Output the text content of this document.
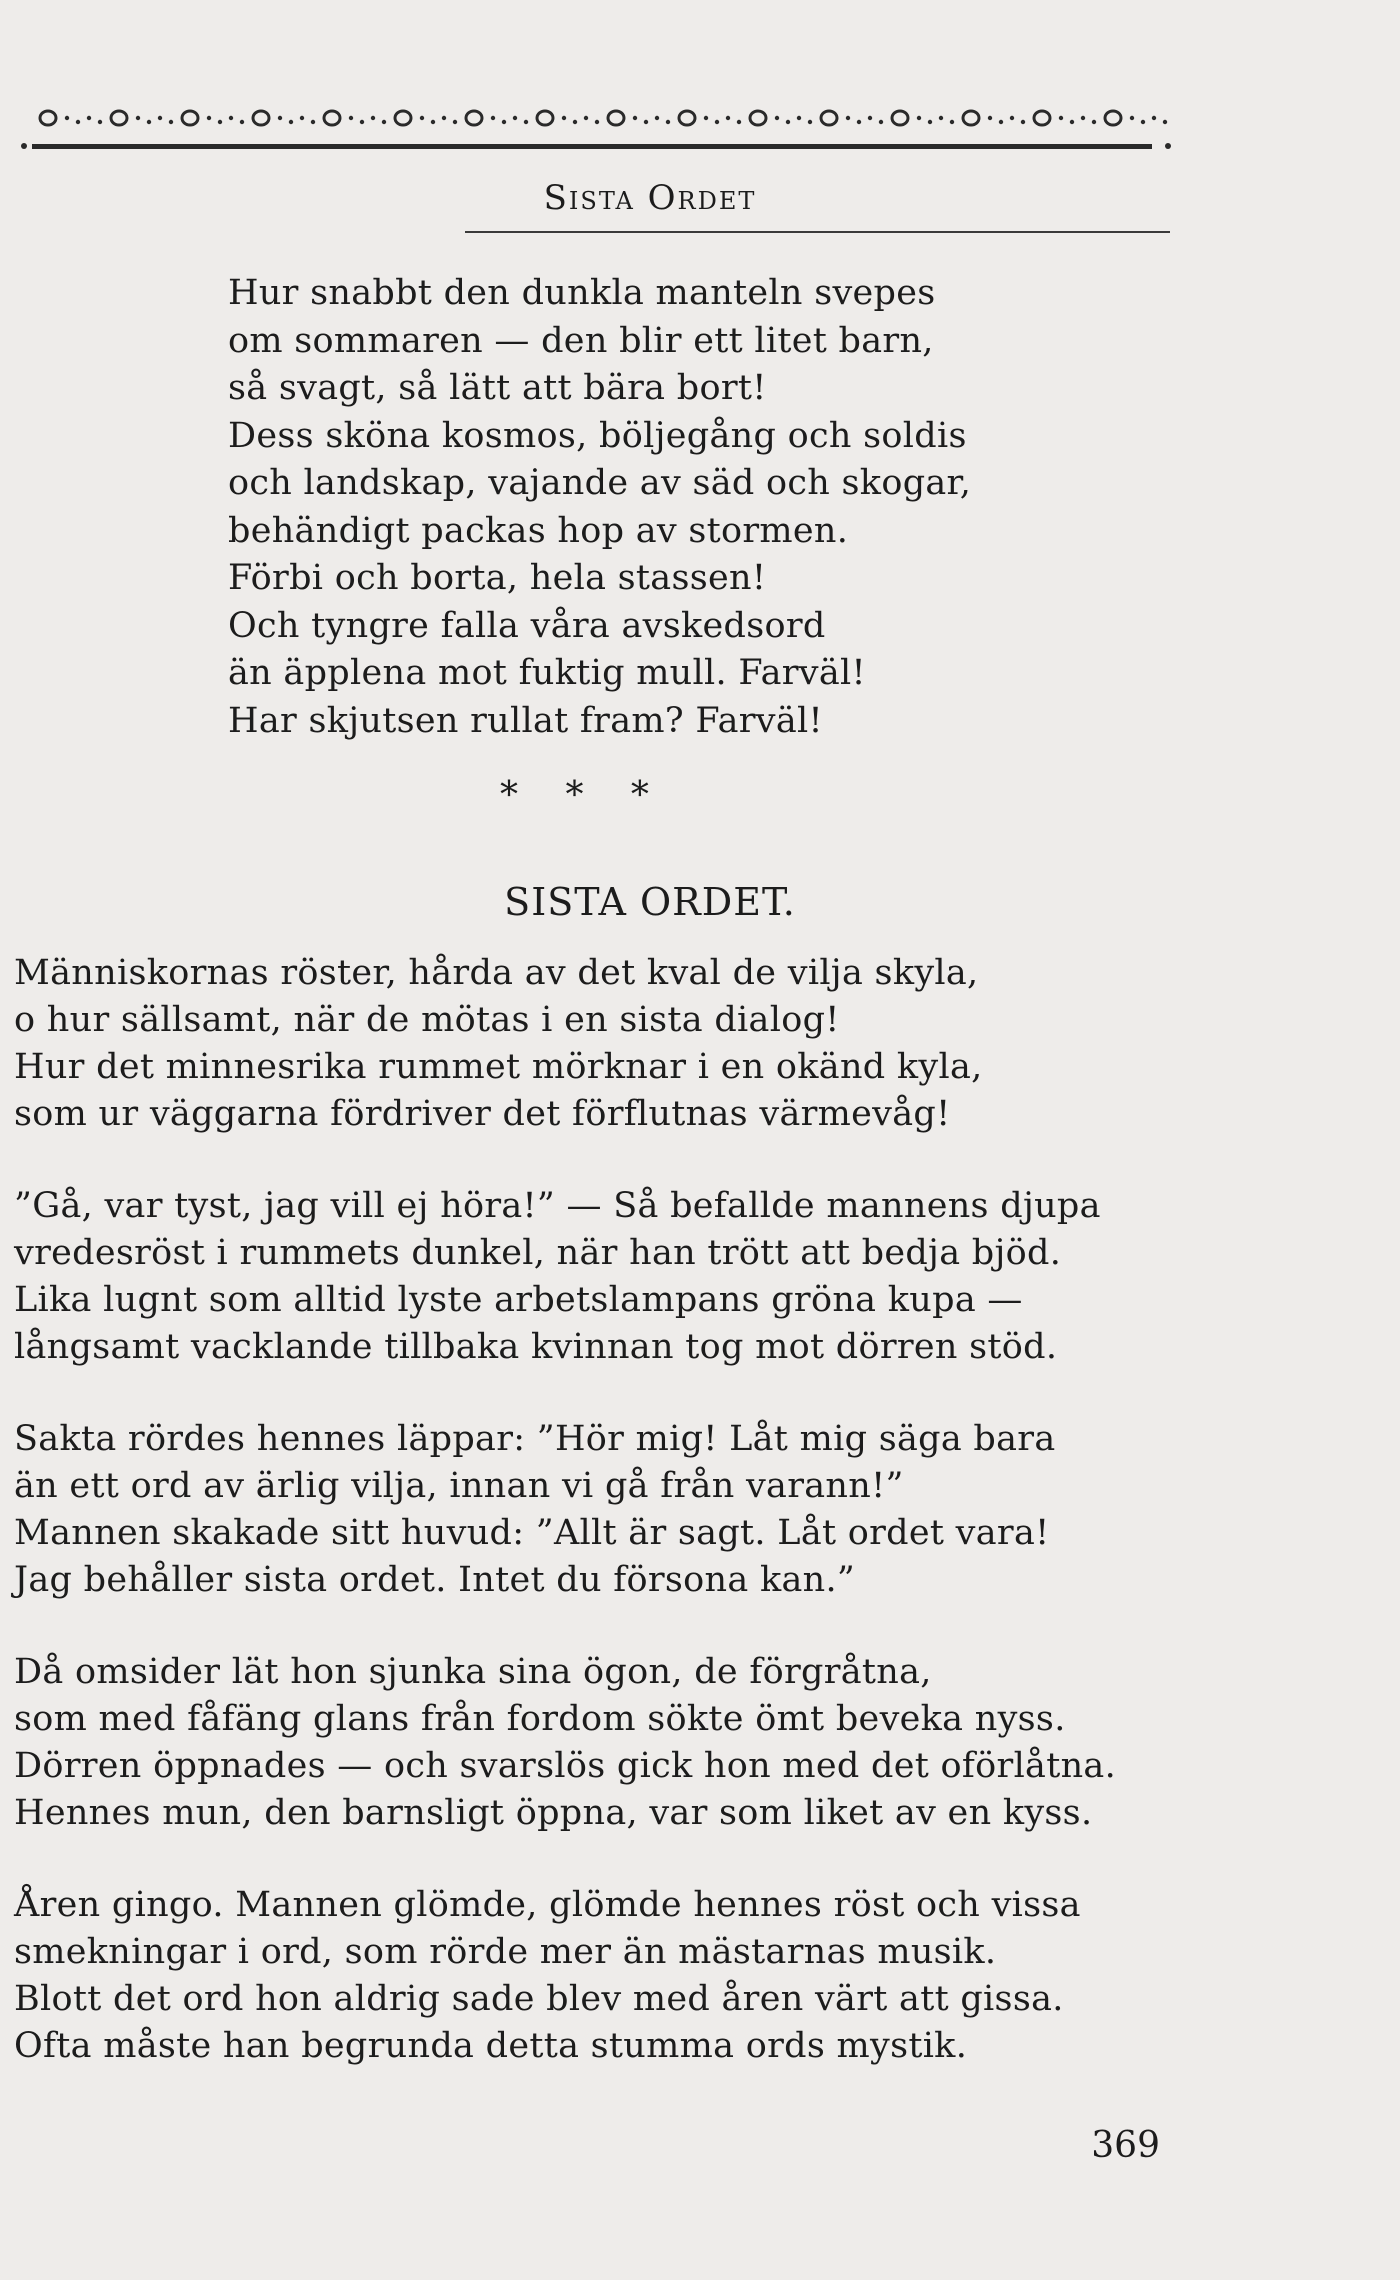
Sista Ordet
Hur snabbt den dunkla manteln svepes
om sommaren — den blir ett litet barn,
så svagt, så lätt att bära bort!
Dess sköna kosmos, böljegång och soldis
och landskap, vajande av säd och skogar,
behändigt packas hop av stormen.
Förbi och borta, hela stassen!
Och tyngre falla våra avskedsord
än äpplena mot fuktig mull. Farväl!
Har skjutsen rullat fram? Farväl!
* * *
SISTA ORDET.
Människornas röster, hårda av det kval de vilja skyla,
o hur sällsamt, när de mötas i en sista dialog!
Hur det minnesrika rummet mörknar i en okänd kyla,
som ur väggarna fördriver det förflutnas värmevåg!
”Gå, var tyst, jag vill ej höra!” — Så befallde mannens djupa
vredesröst i rummets dunkel, när han trött att bedja bjöd.
Lika lugnt som alltid lyste arbetslampans gröna kupa —
långsamt vacklande tillbaka kvinnan tog mot dörren stöd.
Sakta rördes hennes läppar: ”Hör mig! Låt mig säga bara
än ett ord av ärlig vilja, innan vi gå från varann!”
Mannen skakade sitt huvud: ”Allt är sagt. Låt ordet vara!
Jag behåller sista ordet. Intet du försona kan.”
Då omsider lät hon sjunka sina ögon, de förgråtna,
som med fåfäng glans från fordom sökte ömt beveka nyss.
Dörren öppnades — och svarslös gick hon med det oförlåtna.
Hennes mun, den barnsligt öppna, var som liket av en kyss.
Åren gingo. Mannen glömde, glömde hennes röst och vissa
smekningar i ord, som rörde mer än mästarnas musik.
Blott det ord hon aldrig sade blev med åren värt att gissa.
Ofta måste han begrunda detta stumma ords mystik.
369
